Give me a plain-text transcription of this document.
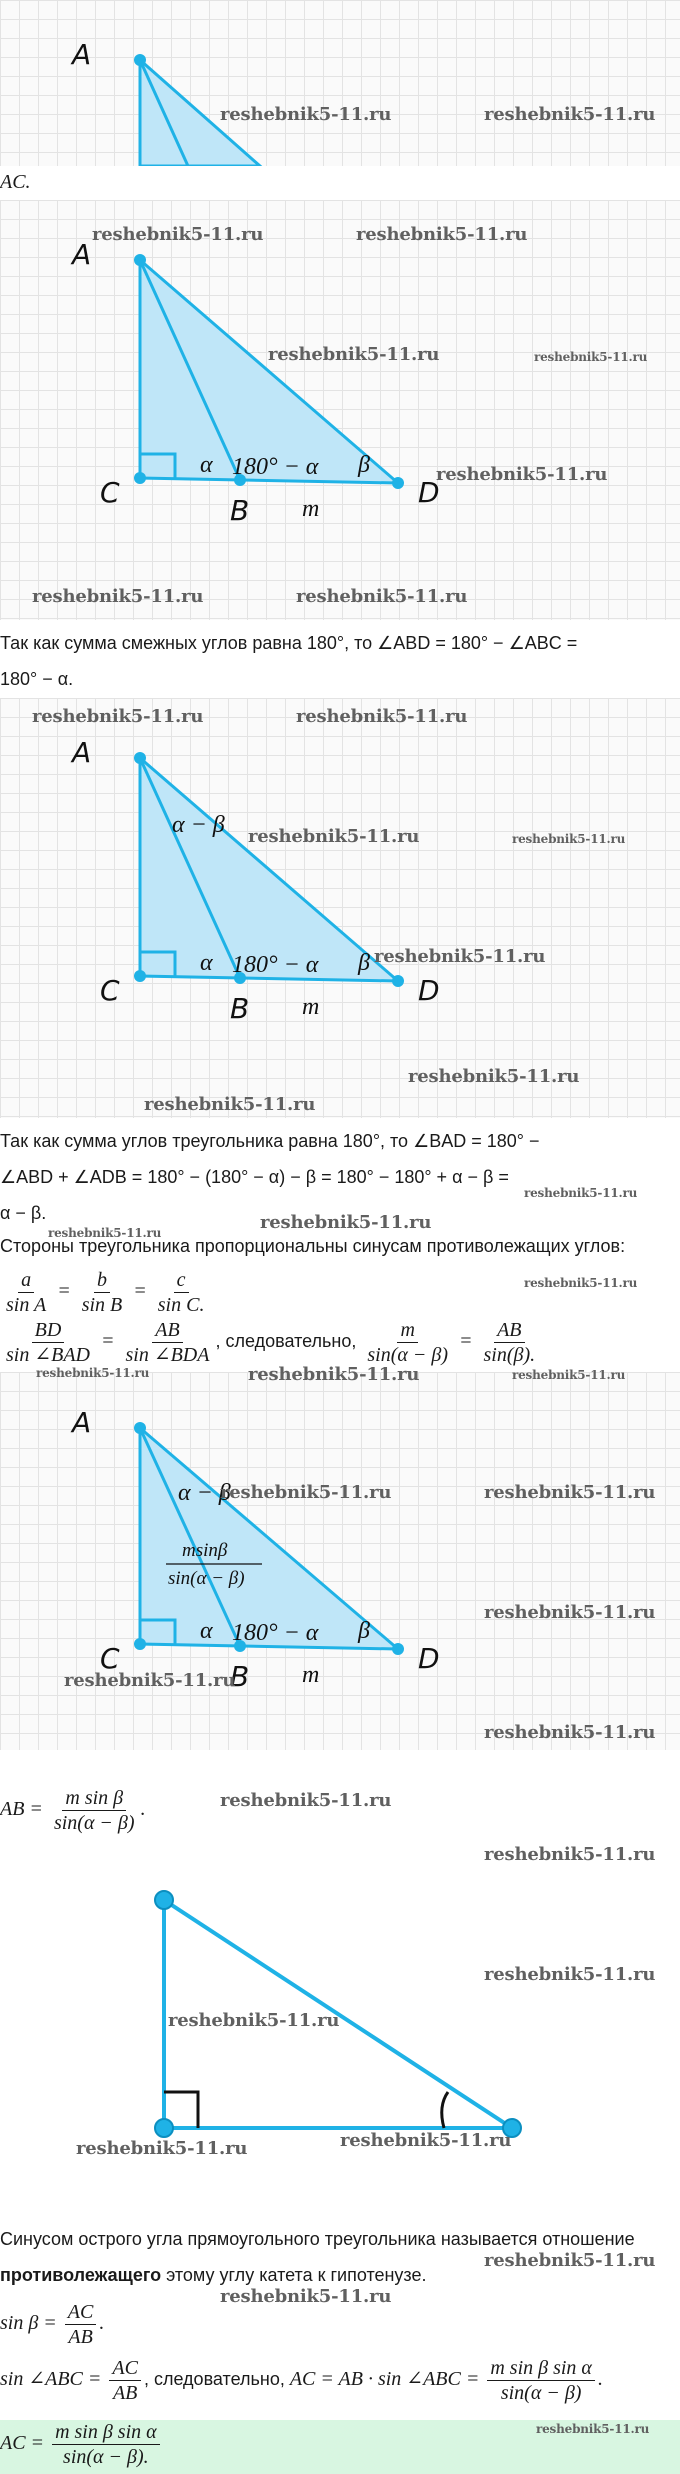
A
reshebnik5-11.ru	reshebnik5-11.ru
AC.
A
C
B
D
α 180° − α β
m
reshebnik5-11.ru	reshebnik5-11.ru
reshebnik5-11.ru	reshebnik5-11.ru
reshebnik5-11.ru
reshebnik5-11.ru	reshebnik5-11.ru
Так как сумма смежных углов равна 180°, то ∠ABD = 180° − ∠ABC =
180° − α.
A
C
B
D
α − β
α 180° − α β
m
reshebnik5-11.ru	reshebnik5-11.ru
reshebnik5-11.ru	reshebnik5-11.ru
reshebnik5-11.ru
reshebnik5-11.ru
reshebnik5-11.ru
Так как сумма углов треугольника равна 180°, то ∠BAD = 180° −
∠ABD + ∠ADB = 180° − (180° − α) − β = 180° − 180° + α − β =
α − β.
reshebnik5-11.ru
reshebnik5-11.ru
reshebnik5-11.ru
Стороны треугольника пропорциональны синусам противолежащих углов:
$\frac{a}{\text{sin A}} = \frac{b}{\text{sin B}} = \frac{c}{\text{sin C.}}$	reshebnik5-11.ru
$\frac{BD}{\text{sin ∠BAD}} = \frac{AB}{\text{sin ∠BDA}}$ , следовательно, $\frac{m}{\sin(\alpha - \beta)} = \frac{AB}{\sin(\beta).}$
A
C
B
D
α − β
msinβ
sin(α − β)
α 180° − α β
m
reshebnik5-11.ru	reshebnik5-11.ru	reshebnik5-11.ru
reshebnik5-11.ru	reshebnik5-11.ru
reshebnik5-11.ru
reshebnik5-11.ru
reshebnik5-11.ru
AB = $\frac{\text{m sin β}}{\sin(\alpha - \beta)}$ .	reshebnik5-11.ru
reshebnik5-11.ru
reshebnik5-11.ru
reshebnik5-11.ru
reshebnik5-11.ru
reshebnik5-11.ru
Синусом острого угла прямоугольного треугольника называется отношение
противолежащего этому углу катета к гипотенузе.
reshebnik5-11.ru
reshebnik5-11.ru
$\sin \beta = \frac{AC}{AB}$ .
sin ∠ABC = $\frac{AC}{AB}$ , следовательно, AC = AB · sin ∠ABC = $\frac{\text{m sin β sin α}}{\sin(\alpha - \beta)}$ .
AC = $\frac{\text{m sin β sin α}}{\sin(\alpha - \beta).}$	reshebnik5-11.ru
